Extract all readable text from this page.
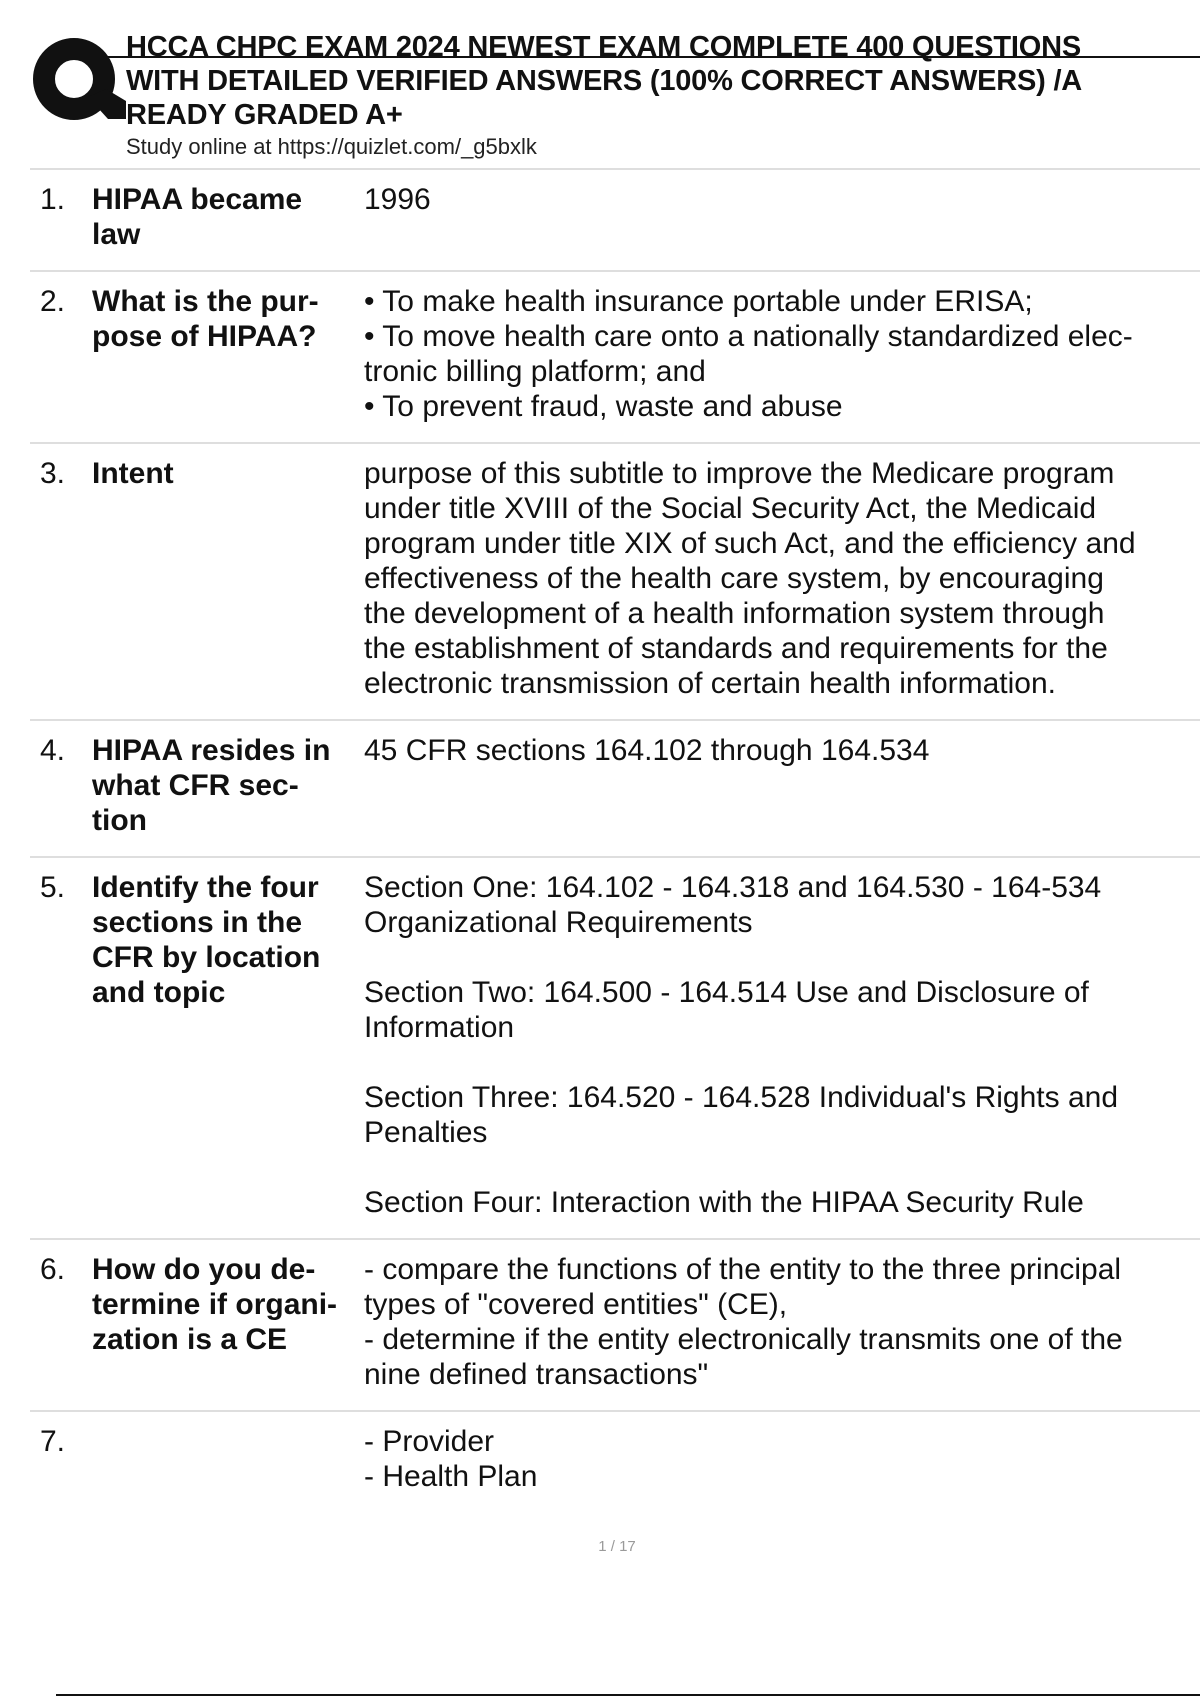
HCCA CHPC EXAM 2024 NEWEST EXAM COMPLETE 400 QUESTIONS
WITH DETAILED VERIFIED ANSWERS (100% CORRECT ANSWERS) /A
READY GRADED A+
Study online at https://quizlet.com/_g5bxlk
1. HIPAA became
law

1996

2. What is the pur-
pose of HIPAA?

• To make health insurance portable under ERISA;
• To move health care onto a nationally standardized elec-
tronic billing platform; and
• To prevent fraud, waste and abuse

3. Intent	purpose of this subtitle to improve the Medicare program
under title XVIII of the Social Security Act, the Medicaid
program under title XIX of such Act, and the efficiency and
effectiveness of the health care system, by encouraging
the development of a health information system through
the establishment of standards and requirements for the
electronic transmission of certain health information.

4. HIPAA resides in
what CFR sec-
tion

45 CFR sections 164.102 through 164.534

5. Identify the four
sections in the
CFR by location
and topic

Section One: 164.102 - 164.318 and 164.530 - 164-534
Organizational Requirements

Section Two: 164.500 - 164.514 Use and Disclosure of
Information

Section Three: 164.520 - 164.528 Individual's Rights and
Penalties

Section Four: Interaction with the HIPAA Security Rule

6. How do you de-
termine if organi-
zation is a CE

- compare the functions of the entity to the three principal
types of "covered entities" (CE),
- determine if the entity electronically transmits one of the
nine defined transactions"

7.	- Provider
- Health Plan

1 / 17
